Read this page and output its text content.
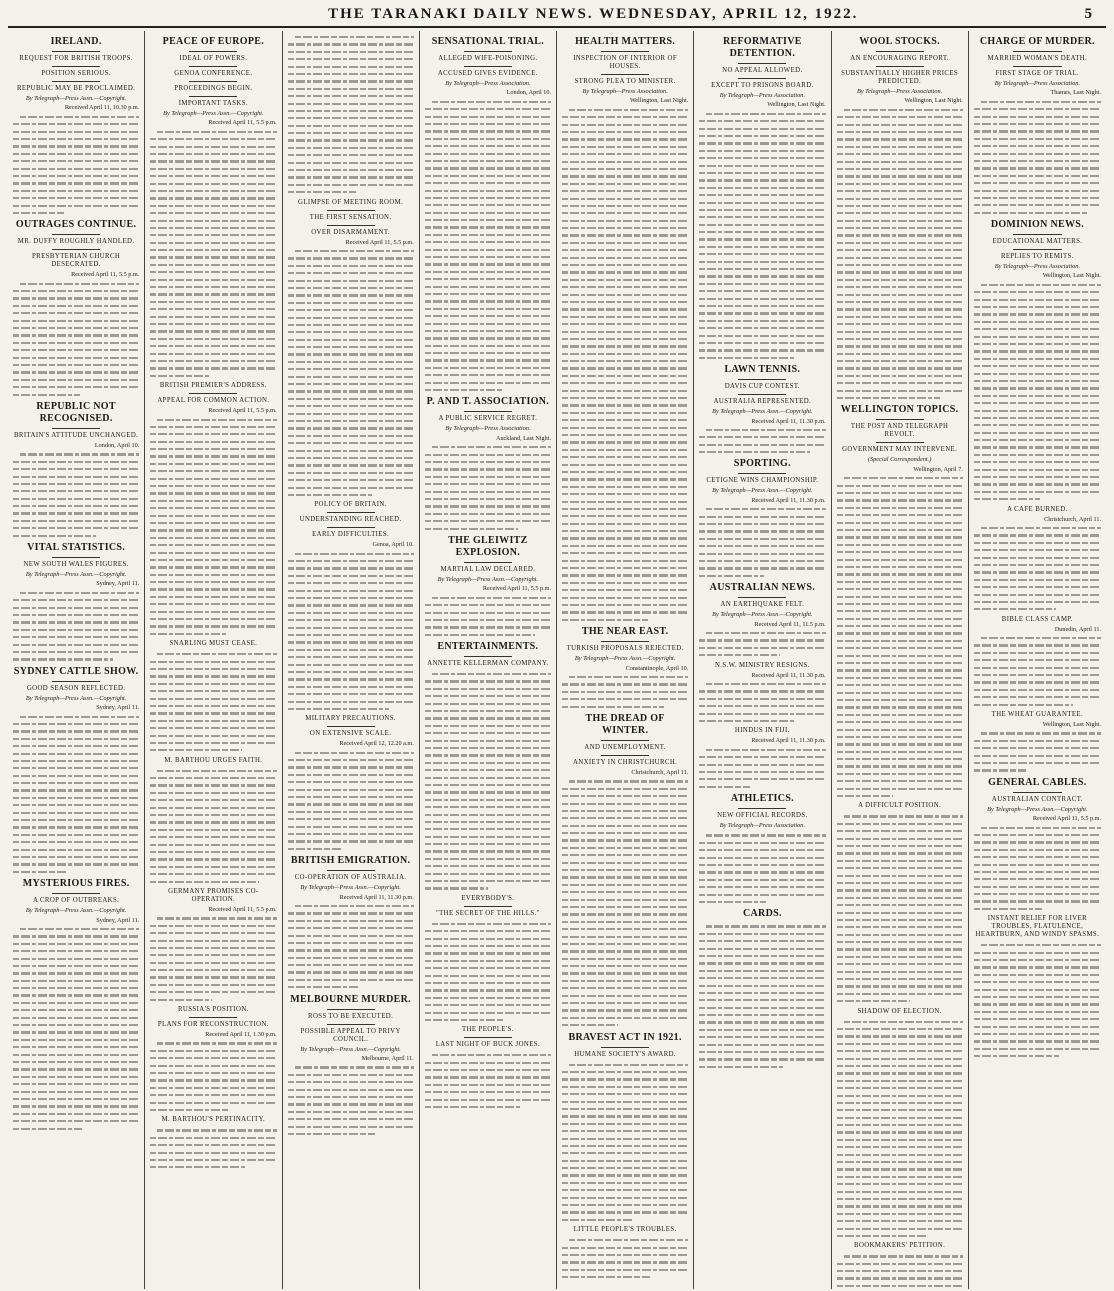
THE TARANAKI DAILY NEWS. WEDNESDAY, APRIL 12, 1922.	5
IRELAND.
REQUEST FOR BRITISH TROOPS.
POSITION SERIOUS.
REPUBLIC MAY BE PROCLAIMED.
By Telegraph—Press Assn.—Copyright.
Received April 11, 10.30 p.m.
OUTRAGES CONTINUE.
MR. DUFFY ROUGHLY HANDLED.
PRESBYTERIAN CHURCH DESECRATED.
Received April 11, 5.5 p.m.
REPUBLIC NOT RECOGNISED.
BRITAIN'S ATTITUDE UNCHANGED.
London, April 10.
VITAL STATISTICS.
NEW SOUTH WALES FIGURES.
By Telegraph—Press Assn.—Copyright.
Sydney, April 11.
SYDNEY CATTLE SHOW.
GOOD SEASON REFLECTED.
By Telegraph—Press Assn.—Copyright.
Sydney, April 11.
MYSTERIOUS FIRES.
A CROP OF OUTBREAKS.
By Telegraph—Press Assn.—Copyright.
Sydney, April 11.
PEACE OF EUROPE.
IDEAL OF POWERS.
GENOA CONFERENCE.
PROCEEDINGS BEGIN.
IMPORTANT TASKS.
By Telegraph—Press Assn.—Copyright.
Received April 11, 5.5 p.m.
BRITISH PREMIER'S ADDRESS.
APPEAL FOR COMMON ACTION.
Received April 11, 5.5 p.m.
SNARLING MUST CEASE.
M. BARTHOU URGES FAITH.
GERMANY PROMISES CO-OPERATION.
Received April 11, 5.5 p.m.
RUSSIA'S POSITION.
PLANS FOR RECONSTRUCTION.
Received April 11, 1.30 p.m.
M. BARTHOU'S PERTINACITY.
GLIMPSE OF MEETING ROOM.
THE FIRST SENSATION.
OVER DISARMAMENT.
Received April 11, 5.5 p.m.
POLICY OF BRITAIN.
UNDERSTANDING REACHED.
EARLY DIFFICULTIES.
Genoa, April 10.
MILITARY PRECAUTIONS.
ON EXTENSIVE SCALE.
Received April 12, 12.20 a.m.
BRITISH EMIGRATION.
CO-OPERATION OF AUSTRALIA.
By Telegraph—Press Assn.—Copyright.
Received April 11, 11.30 p.m.
MELBOURNE MURDER.
ROSS TO BE EXECUTED.
POSSIBLE APPEAL TO PRIVY COUNCIL.
By Telegraph—Press Assn.—Copyright.
Melbourne, April 11.
SENSATIONAL TRIAL.
ALLEGED WIFE-POISONING.
ACCUSED GIVES EVIDENCE.
By Telegraph—Press Association.
London, April 10.
P. AND T. ASSOCIATION.
A PUBLIC SERVICE REGRET.
By Telegraph—Press Association.
Auckland, Last Night.
THE GLEIWITZ EXPLOSION.
MARTIAL LAW DECLARED.
By Telegraph—Press Assn.—Copyright.
Received April 11, 5.5 p.m.
ENTERTAINMENTS.
ANNETTE KELLERMAN COMPANY.
EVERYBODY'S.
"THE SECRET OF THE HILLS."
THE PEOPLE'S.
LAST NIGHT OF BUCK JONES.
HEALTH MATTERS.
INSPECTION OF INTERIOR OF HOUSES.
STRONG PLEA TO MINISTER.
By Telegraph—Press Association.
Wellington, Last Night.
THE NEAR EAST.
TURKISH PROPOSALS REJECTED.
By Telegraph—Press Assn.—Copyright.
Constantinople, April 10.
THE DREAD OF WINTER.
AND UNEMPLOYMENT.
ANXIETY IN CHRISTCHURCH.
Christchurch, April 11.
BRAVEST ACT IN 1921.
HUMANE SOCIETY'S AWARD.
LITTLE PEOPLE'S TROUBLES.
REFORMATIVE DETENTION.
NO APPEAL ALLOWED.
EXCEPT TO PRISONS BOARD.
By Telegraph—Press Association.
Wellington, Last Night.
LAWN TENNIS.
DAVIS CUP CONTEST.
AUSTRALIA REPRESENTED.
By Telegraph—Press Assn.—Copyright.
Received April 11, 11.30 p.m.
SPORTING.
CETIGNE WINS CHAMPIONSHIP.
By Telegraph—Press Assn.—Copyright.
Received April 11, 11.30 p.m.
AUSTRALIAN NEWS.
AN EARTHQUAKE FELT.
By Telegraph—Press Assn.—Copyright.
Received April 11, 11.5 p.m.
N.S.W. MINISTRY RESIGNS.
Received April 11, 11.30 p.m.
HINDUS IN FIJI.
Received April 11, 11.30 p.m.
ATHLETICS.
NEW OFFICIAL RECORDS.
By Telegraph—Press Association.
CARDS.
WOOL STOCKS.
AN ENCOURAGING REPORT.
SUBSTANTIALLY HIGHER PRICES PREDICTED.
By Telegraph—Press Association.
Wellington, Last Night.
WELLINGTON TOPICS.
THE POST AND TELEGRAPH REVOLT.
GOVERNMENT MAY INTERVENE.
(Special Correspondent.)
Wellington, April 7.
A DIFFICULT POSITION.
SHADOW OF ELECTION.
BOOKMAKERS' PETITION.
CHARGE OF MURDER.
MARRIED WOMAN'S DEATH.
FIRST STAGE OF TRIAL.
By Telegraph—Press Association.
Thames, Last Night.
DOMINION NEWS.
EDUCATIONAL MATTERS.
REPLIES TO REMITS.
By Telegraph—Press Association.
Wellington, Last Night.
A CAFE BURNED.
Christchurch, April 11.
BIBLE CLASS CAMP.
Dunedin, April 11.
THE WHEAT GUARANTEE.
Wellington, Last Night.
GENERAL CABLES.
AUSTRALIAN CONTRACT.
By Telegraph—Press Assn.—Copyright.
Received April 11, 5.5 p.m.
INSTANT RELIEF FOR LIVER TROUBLES, FLATULENCE, HEARTBURN, AND WINDY SPASMS.
